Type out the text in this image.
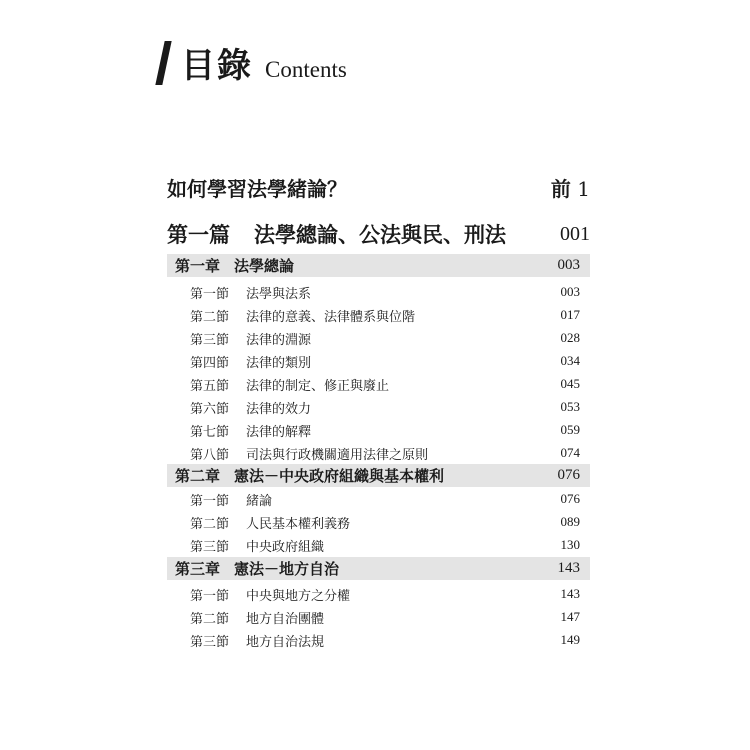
目錄 Contents
如何學習法學緒論？	前 1
第一篇 法學總論、公法與民、刑法	001
第一章 法學總論	003
第一節 法學與法系	003
第二節 法律的意義、法律體系與位階	017
第三節 法律的淵源	028
第四節 法律的類別	034
第五節 法律的制定、修正與廢止	045
第六節 法律的效力	053
第七節 法律的解釋	059
第八節 司法與行政機關適用法律之原則	074
第二章 憲法－中央政府組織與基本權利	076
第一節 緒論	076
第二節 人民基本權利義務	089
第三節 中央政府組織	130
第三章 憲法－地方自治	143
第一節 中央與地方之分權	143
第二節 地方自治團體	147
第三節 地方自治法規	149
